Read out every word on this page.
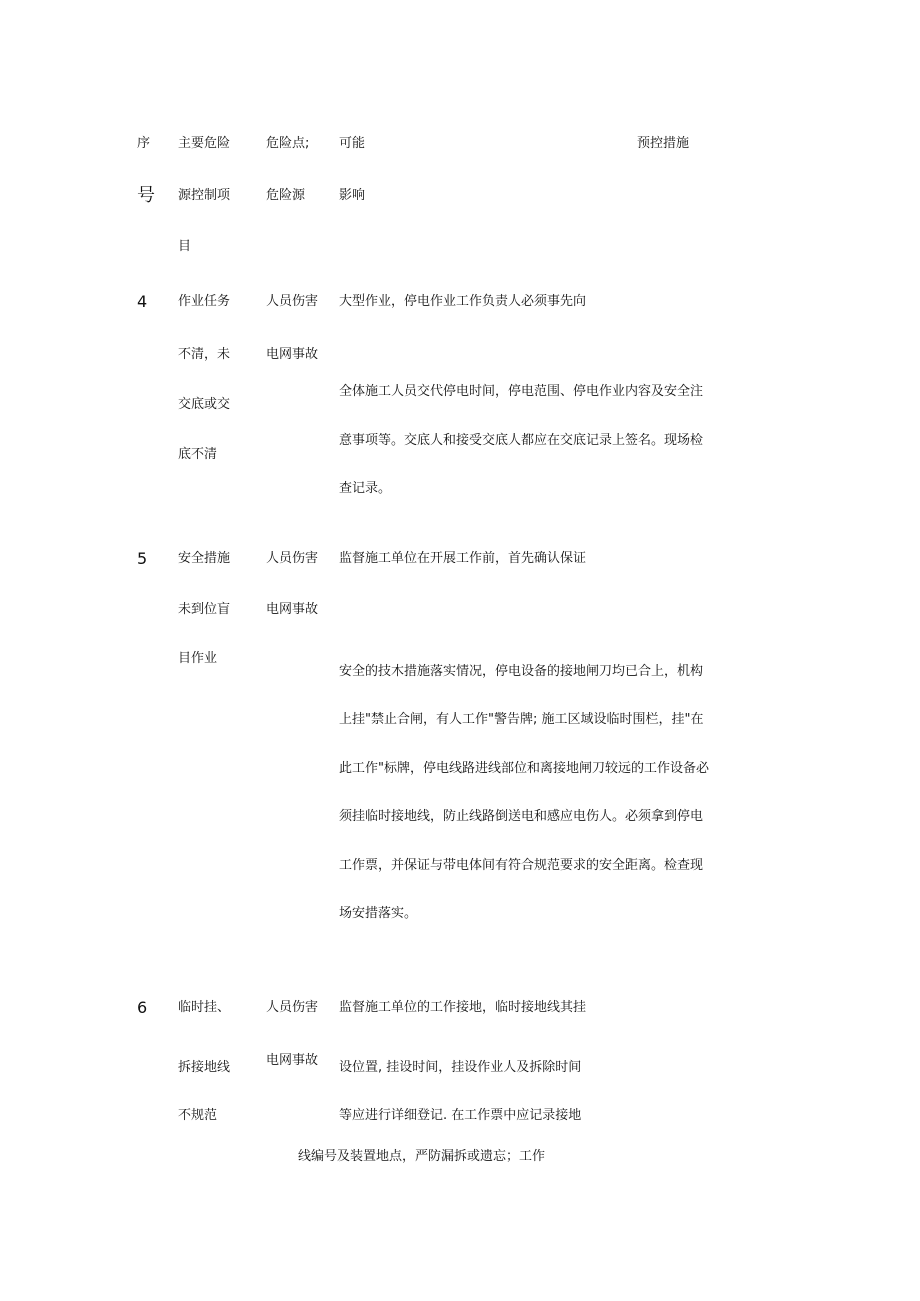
序
号
主要危险
源控制项
目
危险点;
危险源
可能
影响
预控措施
4 作业任务
不清，未
交底或交
底不清
人员伤害
电网事故
大型作业，停电作业工作负责人必须事先向
全体施工人员交代停电时间，停电范围、停电作业内容及安全注
意事项等。交底人和接受交底人都应在交底记录上签名。现场检
查记录。
5 安全措施
未到位盲
目作业
人员伤害
电网事故
监督施工单位在开展工作前，首先确认保证
安全的技木措施落实情况，停电设备的接地闸刀均已合上，机构
上挂"禁止合闸，有人工作"警告牌; 施工区域设临时围栏，挂"在
此工作"标牌，停电线路进线部位和离接地闸刀较远的工作设备必
须挂临时接地线，防止线路倒送电和感应电伤人。必须拿到停电
工作票，并保证与带电体间有符合规范要求的安全距离。检查现
场安措落实。
6 临时挂、
拆接地线
不规范
人员伤害
电网事故
监督施工单位的工作接地，临时接地线其挂
设位置, 挂设时间，挂设作业人及拆除时间
等应进行详细登记. 在工作票中应记录接地
线编号及装置地点，严防漏拆或遗忘；工作
